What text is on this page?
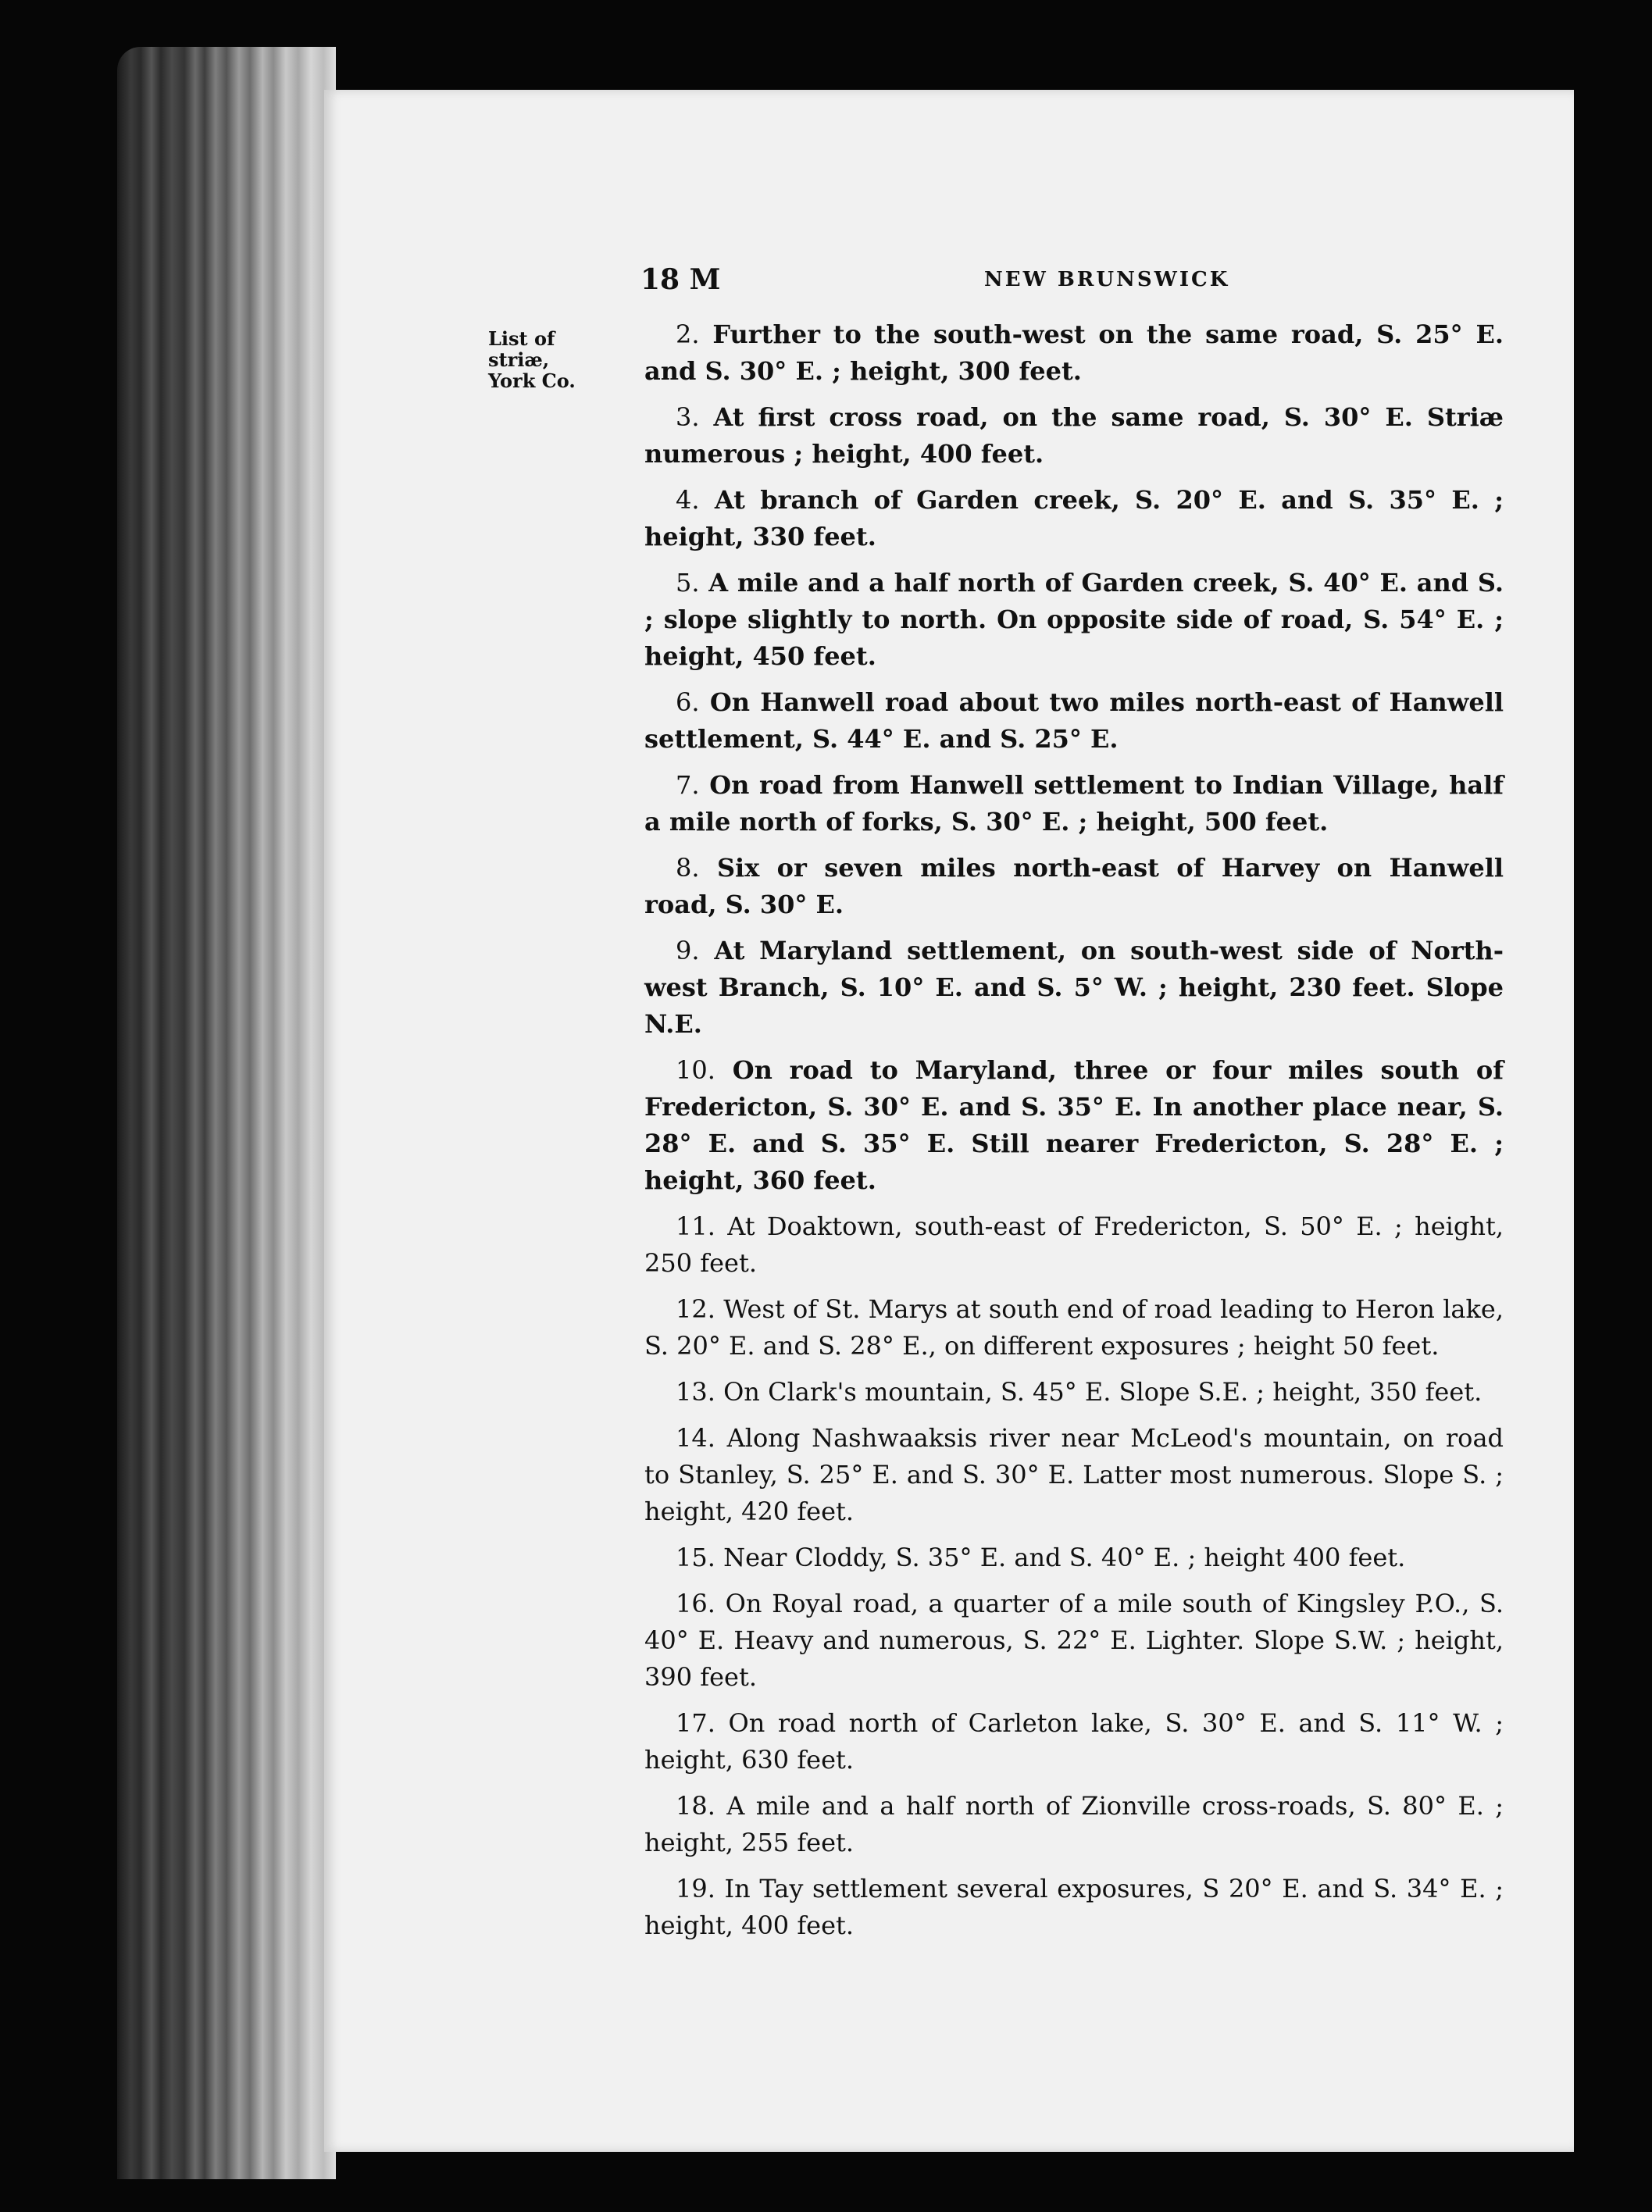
18 M	NEW BRUNSWICK
List of striæ,
York Co.

2. Further to the south-west on the same road, S. 25° E. and S. 30° E. ; height, 300 feet.

3. At first cross road, on the same road, S. 30° E. Striæ numerous ; height, 400 feet.

4. At branch of Garden creek, S. 20° E. and S. 35° E. ; height, 330 feet.

5. A mile and a half north of Garden creek, S. 40° E. and S. ; slope slightly to north. On opposite side of road, S. 54° E. ; height, 450 feet.

6. On Hanwell road about two miles north-east of Hanwell settlement, S. 44° E. and S. 25° E.

7. On road from Hanwell settlement to Indian Village, half a mile north of forks, S. 30° E. ; height, 500 feet.

8. Six or seven miles north-east of Harvey on Hanwell road, S. 30° E.

9. At Maryland settlement, on south-west side of North-west Branch, S. 10° E. and S. 5° W. ; height, 230 feet. Slope N.E.

10. On road to Maryland, three or four miles south of Fredericton, S. 30° E. and S. 35° E. In another place near, S. 28° E. and S. 35° E. Still nearer Fredericton, S. 28° E. ; height, 360 feet.

11. At Doaktown, south-east of Fredericton, S. 50° E. ; height, 250 feet.

12. West of St. Marys at south end of road leading to Heron lake, S. 20° E. and S. 28° E., on different exposures ; height 50 feet.

13. On Clark's mountain, S. 45° E. Slope S.E. ; height, 350 feet.

14. Along Nashwaaksis river near McLeod's mountain, on road to Stanley, S. 25° E. and S. 30° E. Latter most numerous. Slope S. ; height, 420 feet.

15. Near Cloddy, S. 35° E. and S. 40° E. ; height 400 feet.

16. On Royal road, a quarter of a mile south of Kingsley P.O., S. 40° E. Heavy and numerous, S. 22° E. Lighter. Slope S.W. ; height, 390 feet.

17. On road north of Carleton lake, S. 30° E. and S. 11° W. ; height, 630 feet.

18. A mile and a half north of Zionville cross-roads, S. 80° E. ; height, 255 feet.

19. In Tay settlement several exposures, S 20° E. and S. 34° E. ; height, 400 feet.
